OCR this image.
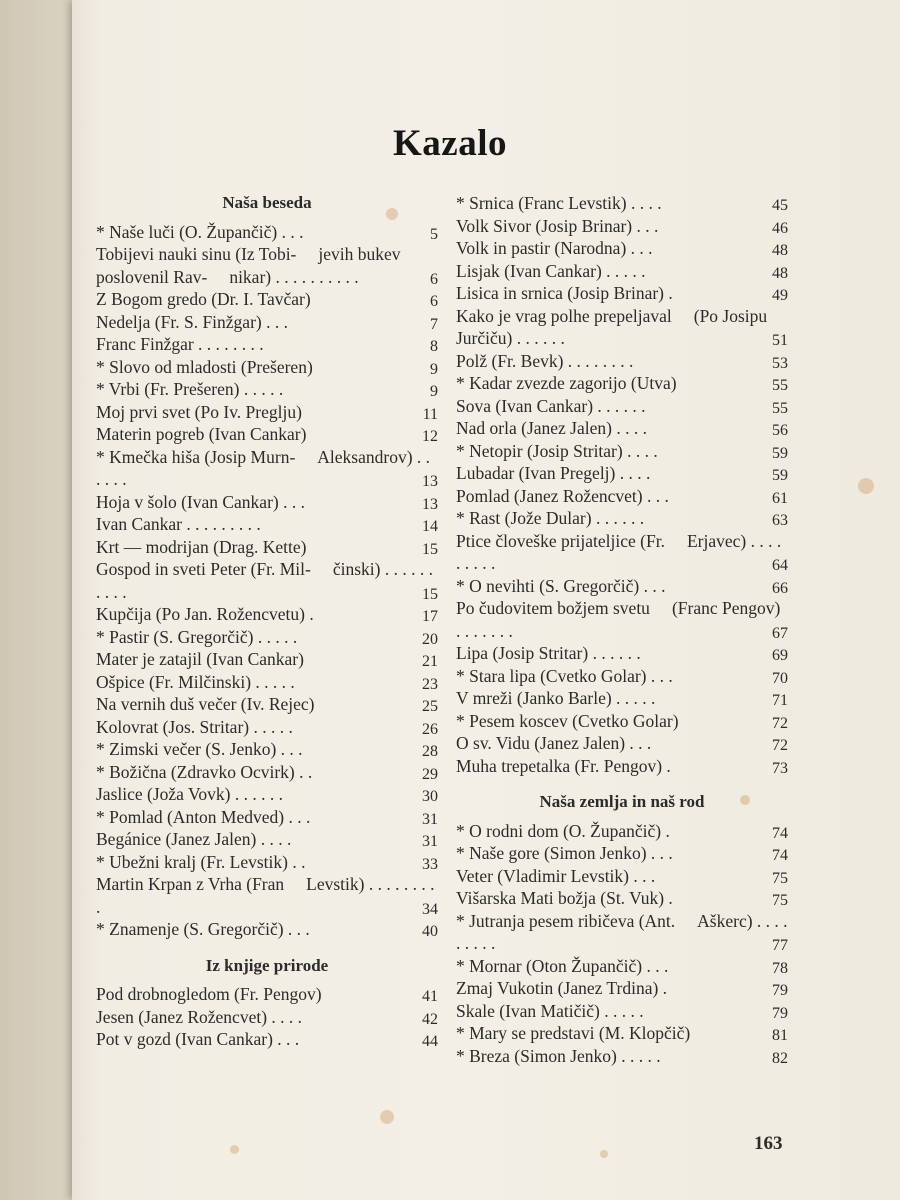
Kazalo
Naša beseda
* Naše luči (O. Župančič) . . .	5
Tobijevi nauki sinu (Iz Tobi- jevih bukev poslovenil Rav- nikar) . . . . . . . . . .	6
Z Bogom gredo (Dr. I. Tavčar)	6
Nedelja (Fr. S. Finžgar) . . .	7
Franc Finžgar . . . . . . . .	8
* Slovo od mladosti (Prešeren)	9
* Vrbi (Fr. Prešeren) . . . . .	9
Moj prvi svet (Po Iv. Preglju)	11
Materin pogreb (Ivan Cankar)	12
* Kmečka hiša (Josip Murn- Aleksandrov) . . . . . .	13
Hoja v šolo (Ivan Cankar) . . .	13
Ivan Cankar . . . . . . . . .	14
Krt — modrijan (Drag. Kette)	15
Gospod in sveti Peter (Fr. Mil- činski) . . . . . . . . . .	15
Kupčija (Po Jan. Rožencvetu) .	17
* Pastir (S. Gregorčič) . . . . .	20
Mater je zatajil (Ivan Cankar)	21
Ošpice (Fr. Milčinski) . . . . .	23
Na vernih duš večer (Iv. Rejec)	25
Kolovrat (Jos. Stritar) . . . . .	26
* Zimski večer (S. Jenko) . . .	28
* Božična (Zdravko Ocvirk) . .	29
Jaslice (Joža Vovk) . . . . . .	30
* Pomlad (Anton Medved) . . .	31
Begánice (Janez Jalen) . . . .	31
* Ubežni kralj (Fr. Levstik) . .	33
Martin Krpan z Vrha (Fran Levstik) . . . . . . . . .	34
* Znamenje (S. Gregorčič) . . .	40
Iz knjige prirode
Pod drobnogledom (Fr. Pengov)	41
Jesen (Janez Rožencvet) . . . .	42
Pot v gozd (Ivan Cankar) . . .	44
* Srnica (Franc Levstik) . . . .	45
Volk Sivor (Josip Brinar) . . .	46
Volk in pastir (Narodna) . . .	48
Lisjak (Ivan Cankar) . . . . .	48
Lisica in srnica (Josip Brinar) .	49
Kako je vrag polhe prepeljaval (Po Josipu Jurčiču) . . . . . .	51
Polž (Fr. Bevk) . . . . . . . .	53
* Kadar zvezde zagorijo (Utva)	55
Sova (Ivan Cankar) . . . . . .	55
Nad orla (Janez Jalen) . . . .	56
* Netopir (Josip Stritar) . . . .	59
Lubadar (Ivan Pregelj) . . . .	59
Pomlad (Janez Rožencvet) . . .	61
* Rast (Jože Dular) . . . . . .	63
Ptice človeške prijateljice (Fr. Erjavec) . . . . . . . . .	64
* O nevihti (S. Gregorčič) . . .	66
Po čudovitem božjem svetu (Franc Pengov) . . . . . . .	67
Lipa (Josip Stritar) . . . . . .	69
* Stara lipa (Cvetko Golar) . . .	70
V mreži (Janko Barle) . . . . .	71
* Pesem koscev (Cvetko Golar)	72
O sv. Vidu (Janez Jalen) . . .	72
Muha trepetalka (Fr. Pengov) .	73
Naša zemlja in naš rod
* O rodni dom (O. Župančič) .	74
* Naše gore (Simon Jenko) . . .	74
Veter (Vladimir Levstik) . . .	75
Višarska Mati božja (St. Vuk) .	75
* Jutranja pesem ribičeva (Ant. Aškerc) . . . . . . . . .	77
* Mornar (Oton Župančič) . . .	78
Zmaj Vukotin (Janez Trdina) .	79
Skale (Ivan Matičič) . . . . .	79
* Mary se predstavi (M. Klopčič)	81
* Breza (Simon Jenko) . . . . .	82
163
